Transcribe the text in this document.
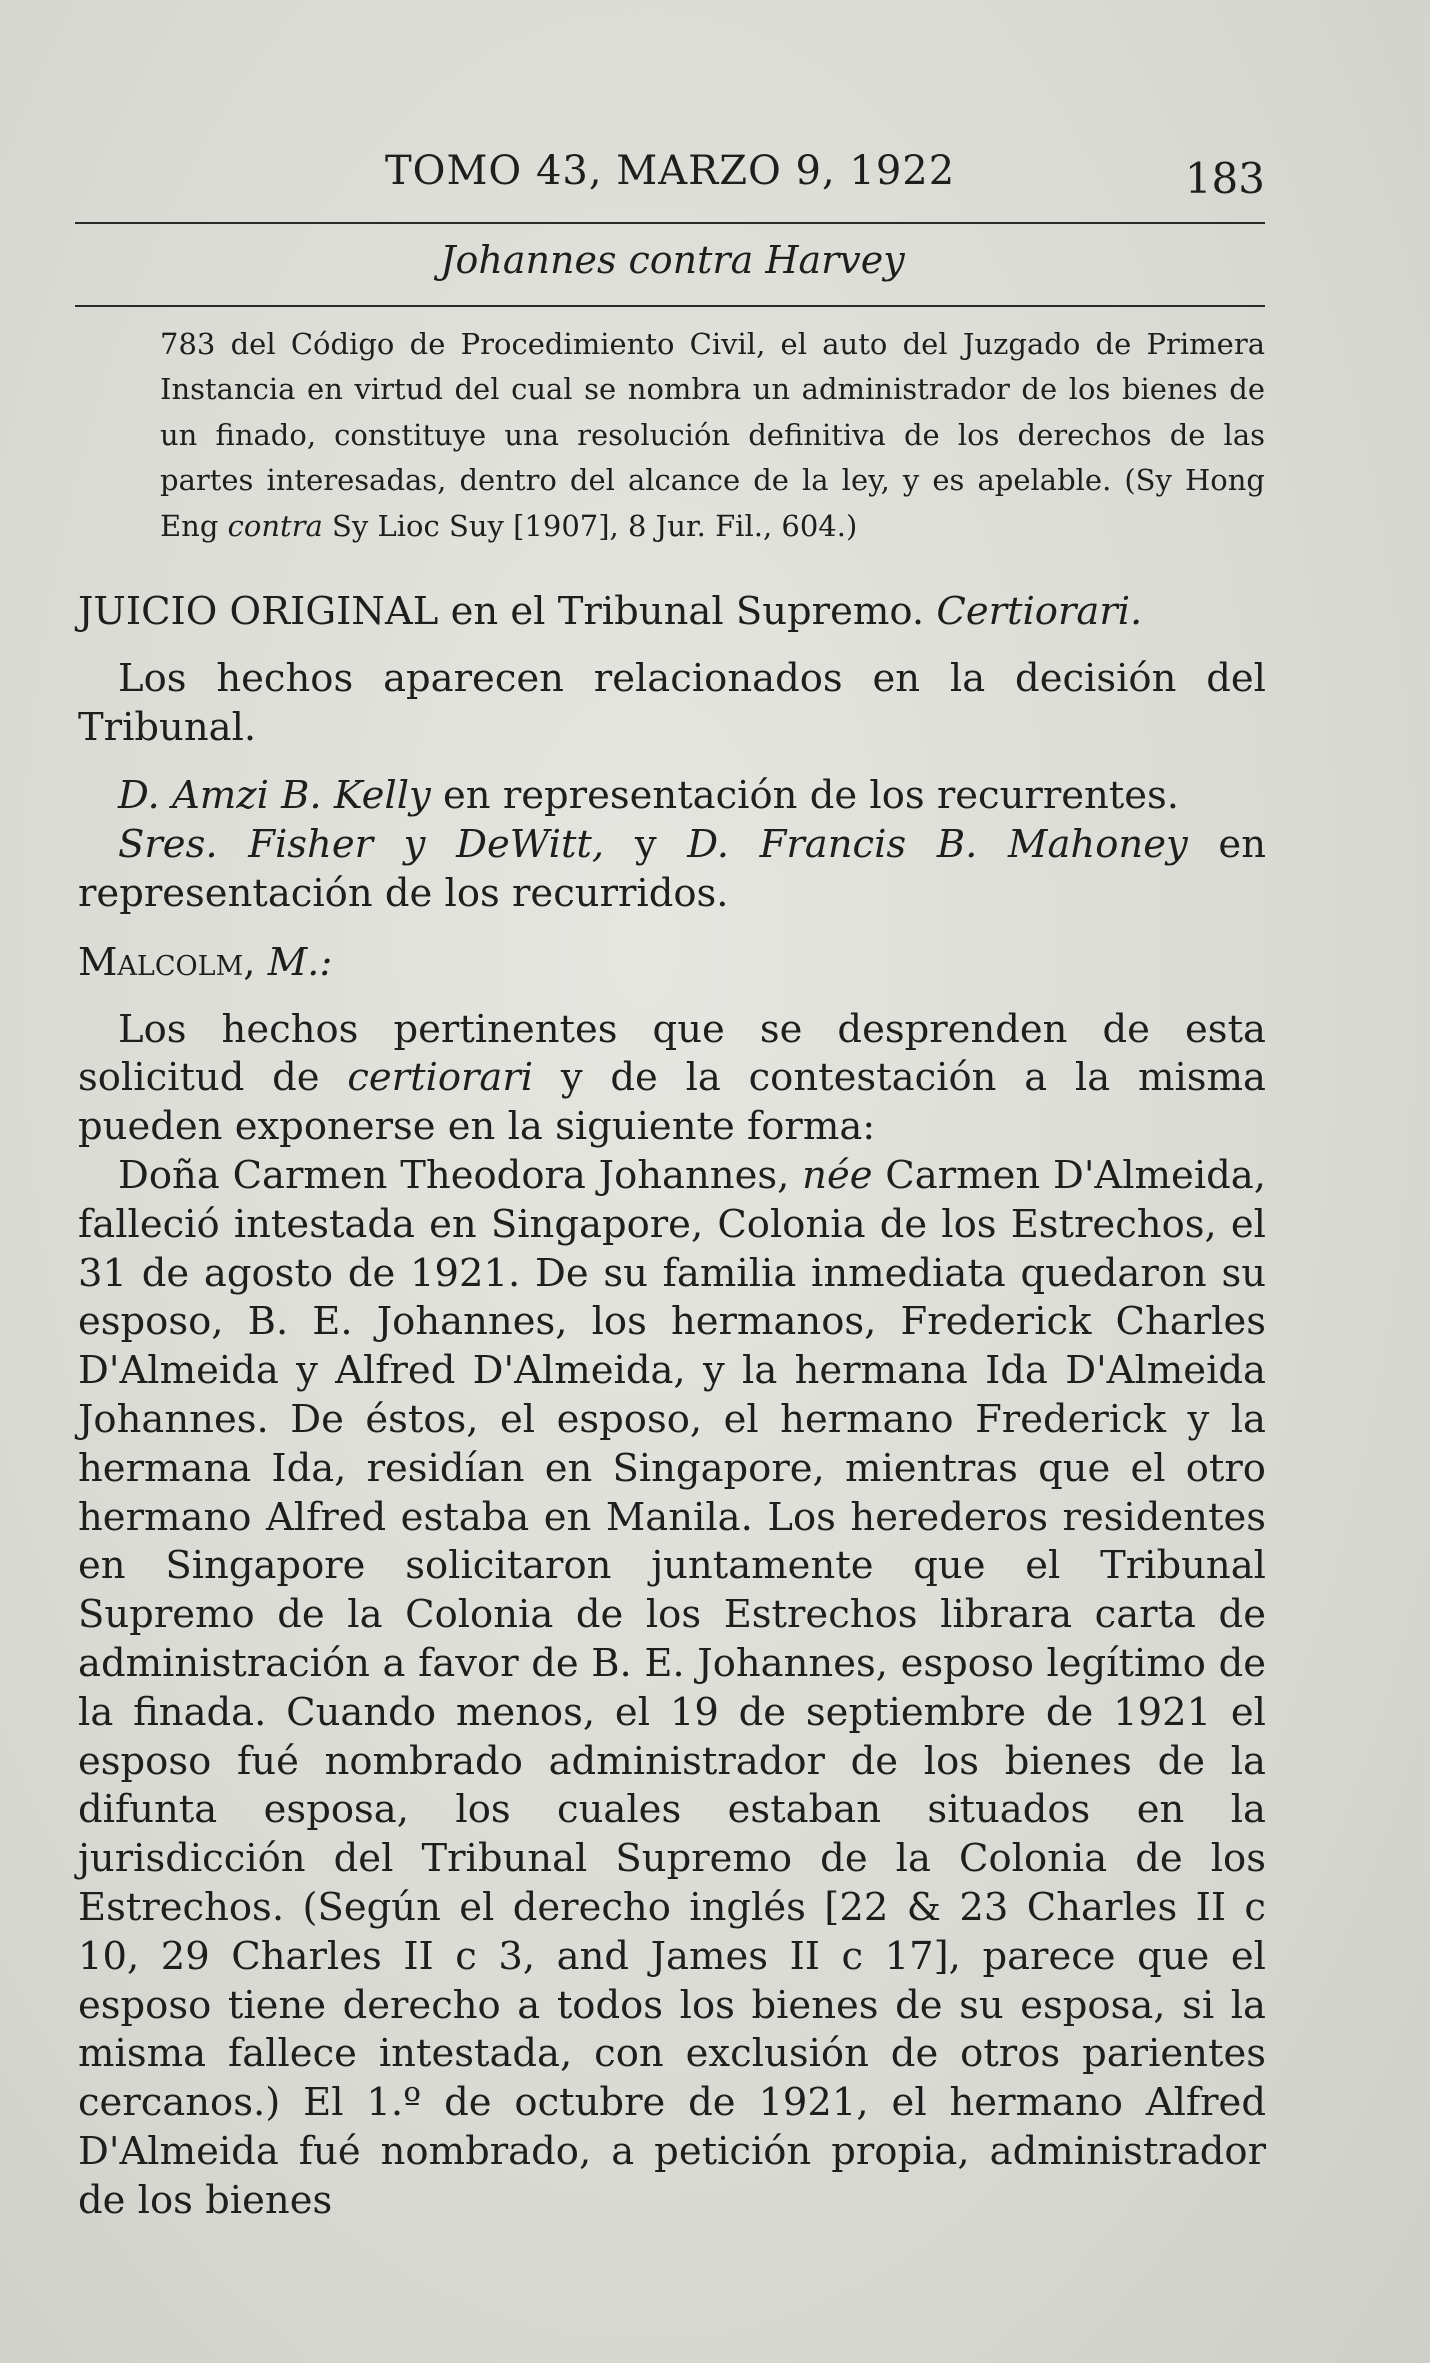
TOMO 43, MARZO 9, 1922	183
Johannes contra Harvey

783 del Código de Procedimiento Civil, el auto del Juzgado de Primera Instancia en virtud del cual se nombra un administrador de los bienes de un finado, constituye una resolución definitiva de los derechos de las partes interesadas, dentro del alcance de la ley, y es apelable. (Sy Hong Eng contra Sy Lioc Suy [1907], 8 Jur. Fil., 604.)

JUICIO ORIGINAL en el Tribunal Supremo. Certiorari.

Los hechos aparecen relacionados en la decisión del Tribunal.

D. Amzi B. Kelly en representación de los recurrentes.

Sres. Fisher y DeWitt, y D. Francis B. Mahoney en representación de los recurridos.

Malcolm, M.:

Los hechos pertinentes que se desprenden de esta solicitud de certiorari y de la contestación a la misma pueden exponerse en la siguiente forma:

Doña Carmen Theodora Johannes, née Carmen D'Almeida, falleció intestada en Singapore, Colonia de los Estrechos, el 31 de agosto de 1921. De su familia inmediata quedaron su esposo, B. E. Johannes, los hermanos, Frederick Charles D'Almeida y Alfred D'Almeida, y la hermana Ida D'Almeida Johannes. De éstos, el esposo, el hermano Frederick y la hermana Ida, residían en Singapore, mientras que el otro hermano Alfred estaba en Manila. Los herederos residentes en Singapore solicitaron juntamente que el Tribunal Supremo de la Colonia de los Estrechos librara carta de administración a favor de B. E. Johannes, esposo legítimo de la finada. Cuando menos, el 19 de septiembre de 1921 el esposo fué nombrado administrador de los bienes de la difunta esposa, los cuales estaban situados en la jurisdicción del Tribunal Supremo de la Colonia de los Estrechos. (Según el derecho inglés [22 & 23 Charles II c 10, 29 Charles II c 3, and James II c 17], parece que el esposo tiene derecho a todos los bienes de su esposa, si la misma fallece intestada, con exclusión de otros parientes cercanos.) El 1.º de octubre de 1921, el hermano Alfred D'Almeida fué nombrado, a petición propia, administrador de los bienes
